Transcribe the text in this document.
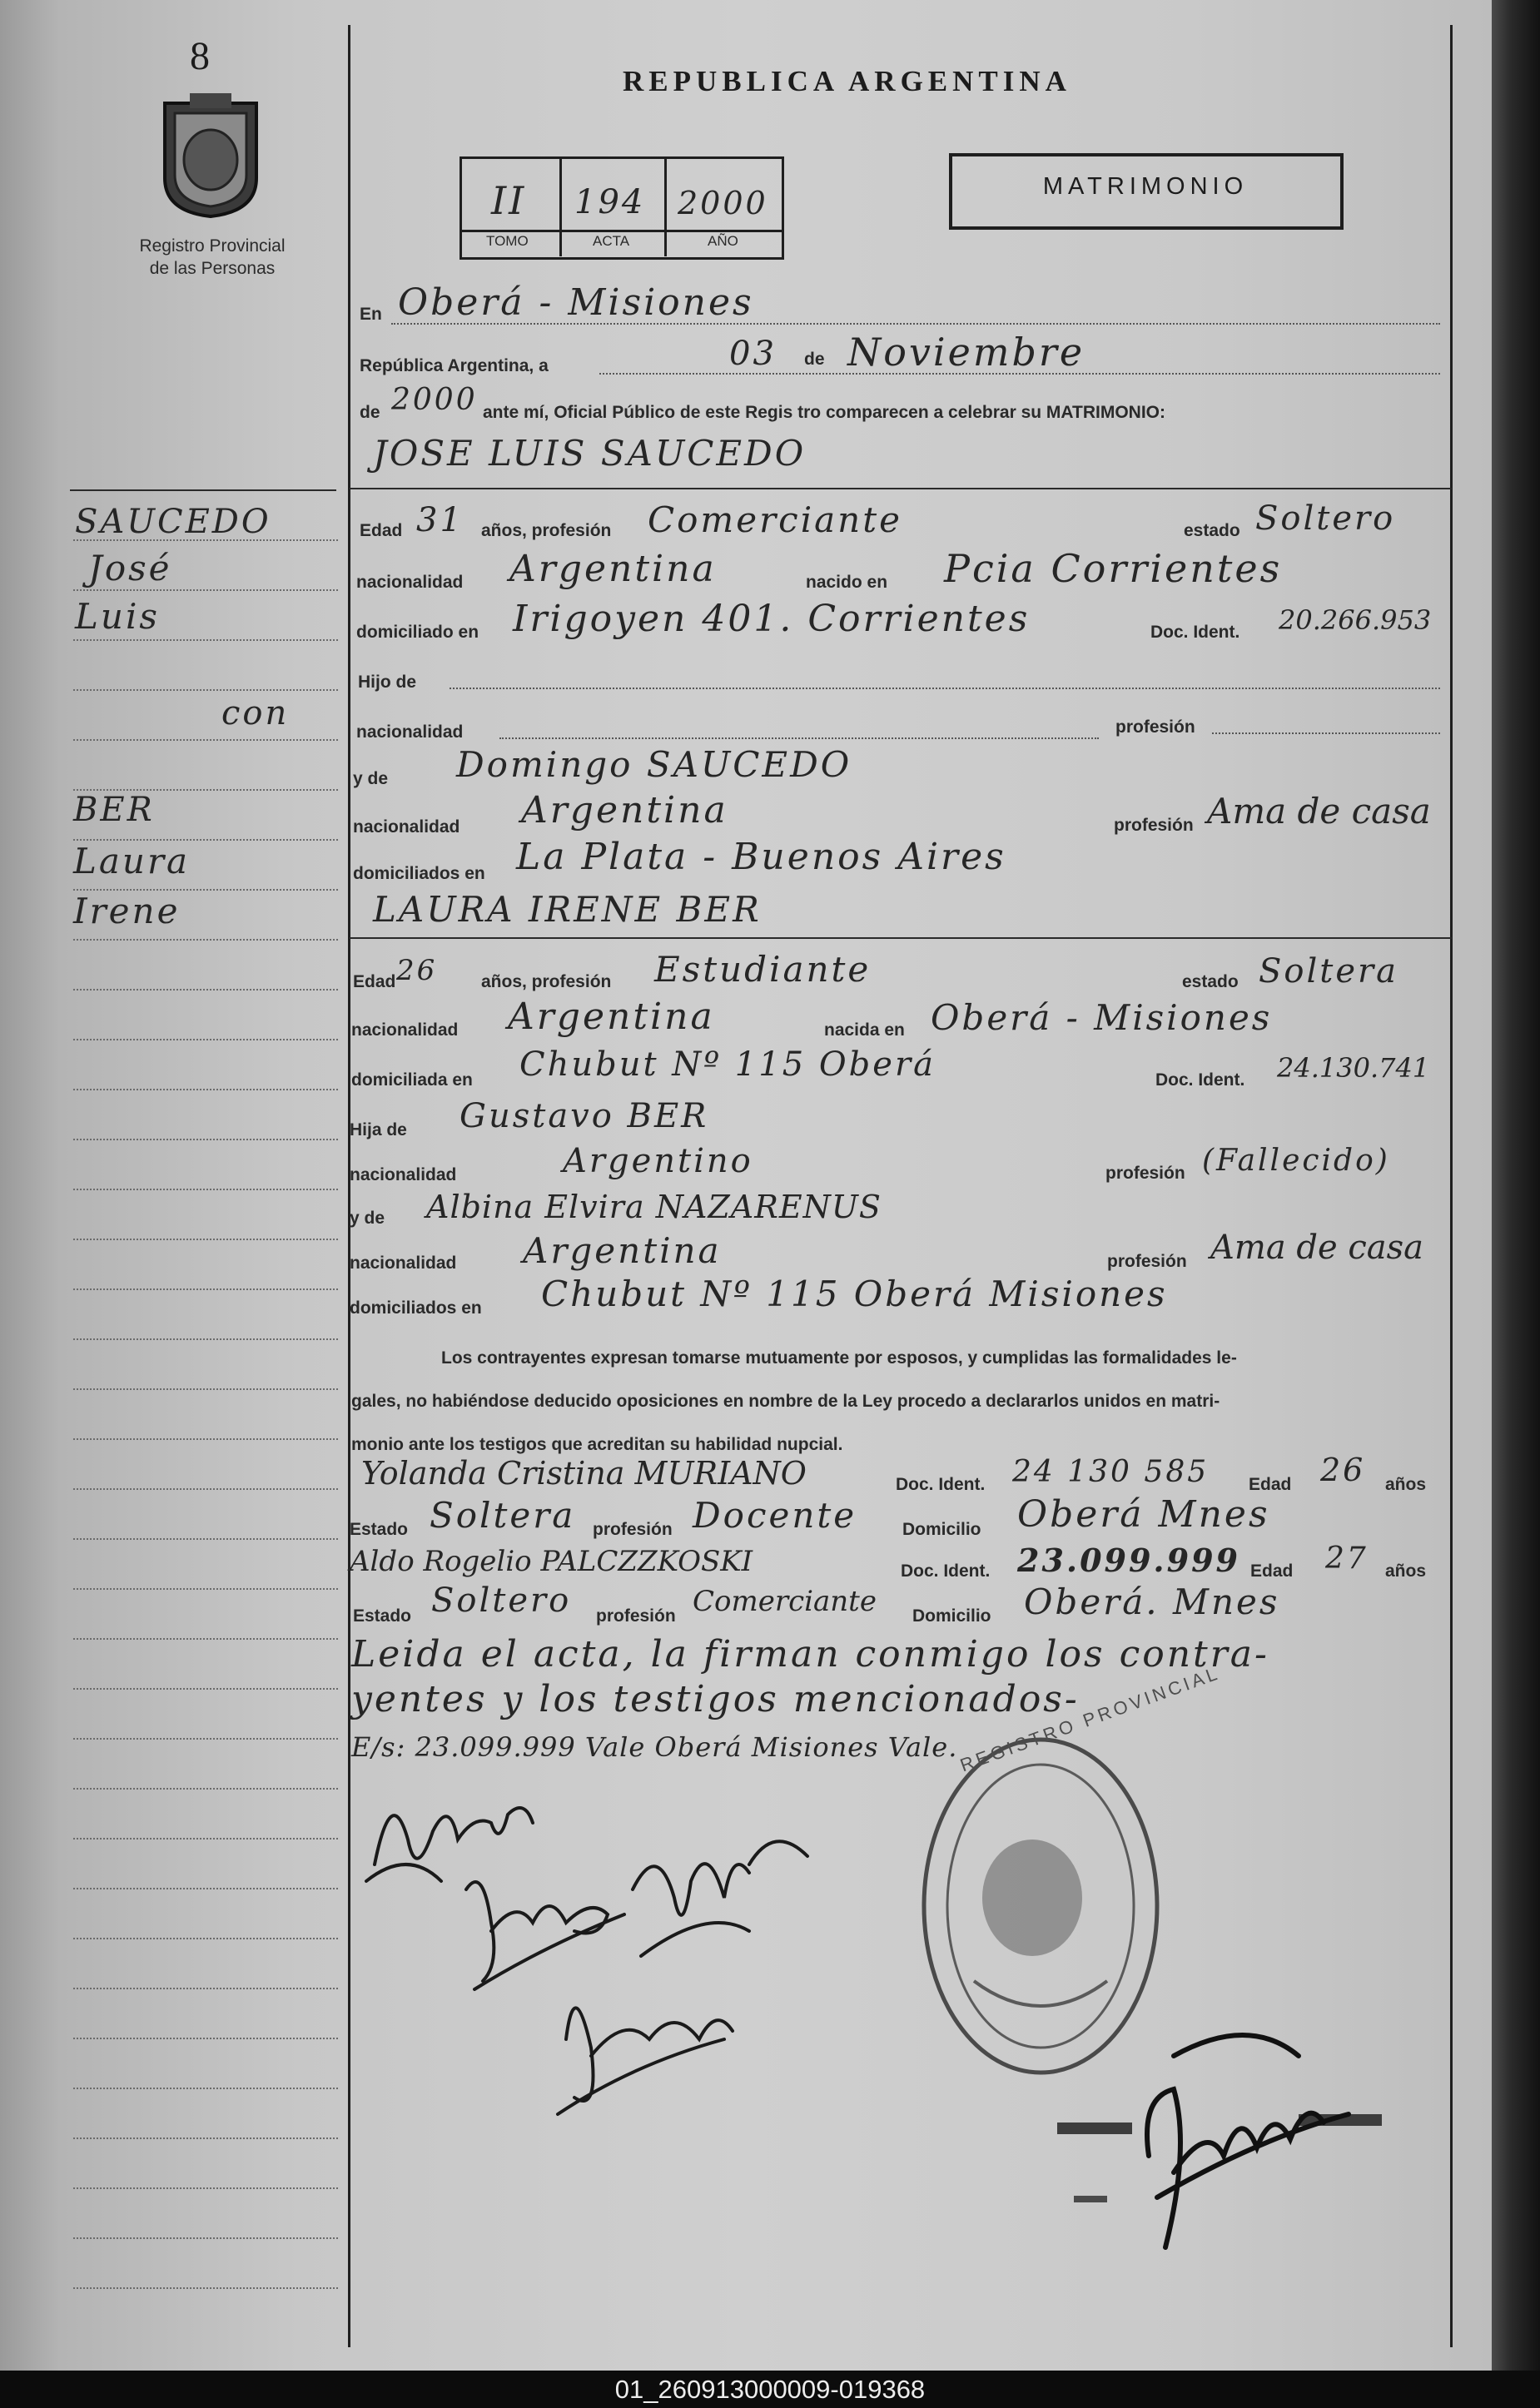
8
Registro Provincial
de las Personas
REPUBLICA ARGENTINA
II 194 2000
TOMO	ACTA	AÑO
MATRIMONIO
En Oberá - Misiones
República Argentina, a	03 de Noviembre
de 2000 ante mí, Oficial Público de este Regis tro comparecen a celebrar su MATRIMONIO:
JOSE LUIS SAUCEDO
Edad 31 años, profesión Comerciante	estado Soltero
nacionalidad Argentina	nacido en Pcia Corrientes
domiciliado en Irigoyen 401. Corrientes	Doc. Ident. 20.266.953
Hijo de
nacionalidad	profesión
y de Domingo SAUCEDO
nacionalidad Argentina	profesión Ama de casa
domiciliados en La Plata - Buenos Aires
LAURA IRENE BER
Edad 26	años, profesión Estudiante	estado Soltera
nacionalidad Argentina	nacida en Oberá - Misiones
domiciliada en Chubut Nº 115 Oberá	Doc. Ident. 24.130.741
Hija de Gustavo BER
nacionalidad	Argentino	profesión (Fallecido)
y de Albina Elvira NAZARENUS
nacionalidad Argentina	profesión Ama de casa
domiciliados en Chubut Nº 115 Oberá Misiones
Los contrayentes expresan tomarse mutuamente por esposos, y cumplidas las formalidades le-
gales, no habiéndose deducido oposiciones en nombre de la Ley procedo a declararlos unidos en matri-
monio ante los testigos que acreditan su habilidad nupcial.
Yolanda Cristina MURIANO	Doc. Ident. 24 130 585 Edad 26 años
Estado Soltera profesión Docente	Domicilio Oberá Mnes
Aldo Rogelio PALCZZKOSKI	Doc. Ident. 23.099.999 Edad 27 años
Estado Soltero profesión Comerciante Domicilio Oberá. Mnes
Leida el acta, la firman conmigo los contra-
yentes y los testigos mencionados-
E/s: 23.099.999 Vale Oberá Misiones Vale. REGISTRO PROVINCIAL
SAUCEDO
José
Luis
con
BER
Laura
Irene
01_260913000009-019368
